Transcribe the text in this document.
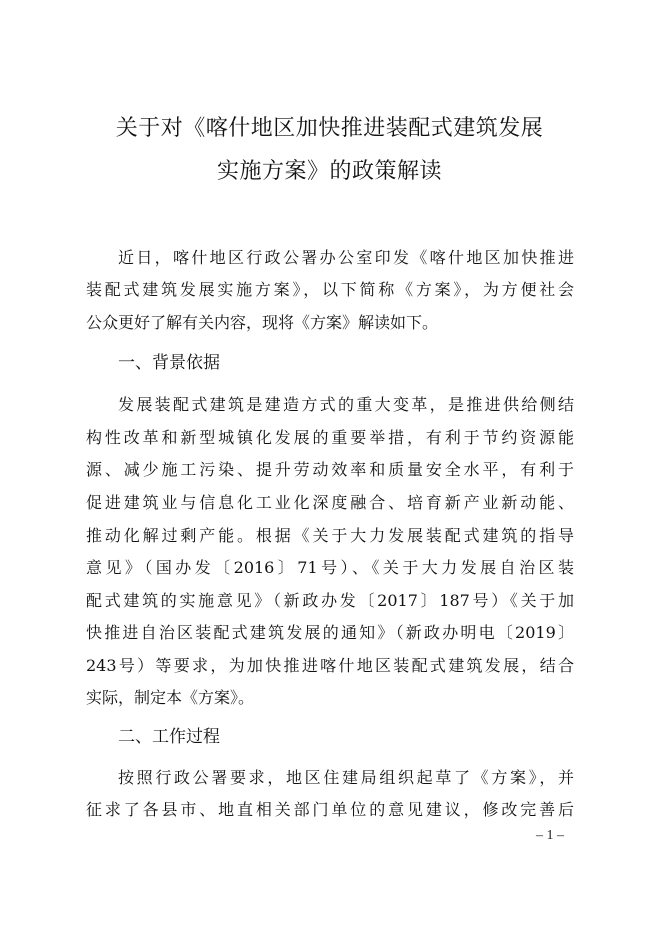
关于对《喀什地区加快推进装配式建筑发展
实施方案》的政策解读
近日，喀什地区行政公署办公室印发《喀什地区加快推进
装配式建筑发展实施方案》，以下简称《方案》，为方便社会
公众更好了解有关内容，现将《方案》解读如下。
一、背景依据
发展装配式建筑是建造方式的重大变革，是推进供给侧结
构性改革和新型城镇化发展的重要举措，有利于节约资源能
源、减少施工污染、提升劳动效率和质量安全水平，有利于
促进建筑业与信息化工业化深度融合、培育新产业新动能、
推动化解过剩产能。根据《关于大力发展装配式建筑的指导
意见》（国办发〔2016〕71号）、《关于大力发展自治区装
配式建筑的实施意见》（新政办发〔2017〕187号）《关于加
快推进自治区装配式建筑发展的通知》（新政办明电〔2019〕
243号）等要求，为加快推进喀什地区装配式建筑发展，结合
实际，制定本《方案》。
二、工作过程
按照行政公署要求，地区住建局组织起草了《方案》，并
征求了各县市、地直相关部门单位的意见建议，修改完善后
– 1 –
